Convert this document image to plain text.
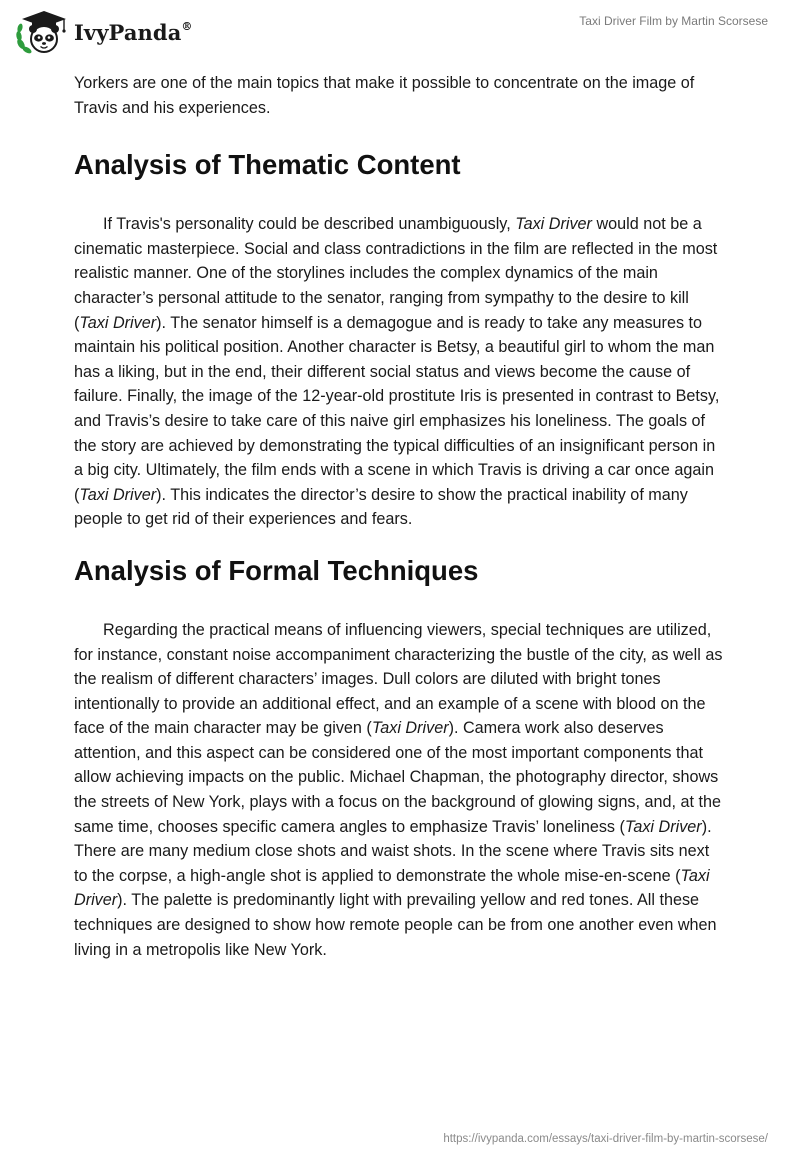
IvyPanda®	Taxi Driver Film by Martin Scorsese

Yorkers are one of the main topics that make it possible to concentrate on the image of Travis and his experiences.

Analysis of Thematic Content

If Travis's personality could be described unambiguously, Taxi Driver would not be a cinematic masterpiece. Social and class contradictions in the film are reflected in the most realistic manner. One of the storylines includes the complex dynamics of the main character’s personal attitude to the senator, ranging from sympathy to the desire to kill (Taxi Driver). The senator himself is a demagogue and is ready to take any measures to maintain his political position. Another character is Betsy, a beautiful girl to whom the man has a liking, but in the end, their different social status and views become the cause of failure. Finally, the image of the 12-year-old prostitute Iris is presented in contrast to Betsy, and Travis’s desire to take care of this naive girl emphasizes his loneliness. The goals of the story are achieved by demonstrating the typical difficulties of an insignificant person in a big city. Ultimately, the film ends with a scene in which Travis is driving a car once again (Taxi Driver). This indicates the director’s desire to show the practical inability of many people to get rid of their experiences and fears.

Analysis of Formal Techniques

Regarding the practical means of influencing viewers, special techniques are utilized, for instance, constant noise accompaniment characterizing the bustle of the city, as well as the realism of different characters’ images. Dull colors are diluted with bright tones intentionally to provide an additional effect, and an example of a scene with blood on the face of the main character may be given (Taxi Driver). Camera work also deserves attention, and this aspect can be considered one of the most important components that allow achieving impacts on the public. Michael Chapman, the photography director, shows the streets of New York, plays with a focus on the background of glowing signs, and, at the same time, chooses specific camera angles to emphasize Travis’ loneliness (Taxi Driver). There are many medium close shots and waist shots. In the scene where Travis sits next to the corpse, a high-angle shot is applied to demonstrate the whole mise-en-scene (Taxi Driver). The palette is predominantly light with prevailing yellow and red tones. All these techniques are designed to show how remote people can be from one another even when living in a metropolis like New York.

https://ivypanda.com/essays/taxi-driver-film-by-martin-scorsese/
